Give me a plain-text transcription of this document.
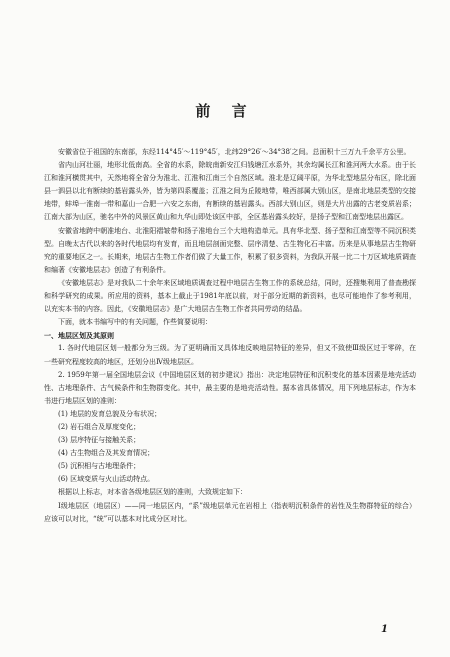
前 言

安徽省位于祖国的东南部，东经114°45′～119°45′，北纬29°26′～34°38′之间。总面积十三万九千余平方公里。

省内山河壮丽，地形北低南高。全省的水系，除皖南新安江归钱塘江水系外，其余均属长江和淮河两大水系。由于长江和淮河横贯其中，天然地将全省分为淮北、江淮和江南三个自然区域。淮北是辽阔平原，为华北型地层分布区，除北面县一泗县以北有断续的基岩露头外，皆为第四系覆盖；江淮之间为丘陵地带，唯西部属大别山区，是南北地层类型的交接地带，蚌埠一淮南一带和嘉山一合肥一六安之东南，有断续的基岩露头。西部大别山区，则是大片出露的古老变质岩系；江南大部为山区，驰名中外的风景区黄山和九华山即处该区中部，全区基岩露头较好，是扬子型和江南型地层出露区。

安徽省地跨中朝准地台、北淮阳褶皱带和扬子准地台三个大地构造单元。具有华北型、扬子型和江南型等不同沉积类型。自晚太古代以来的各时代地层均有发育，而且地层剖面完整、层序清楚、古生物化石丰富。历来是从事地层古生物研究的重要地区之一。长期来，地层古生物工作者们做了大量工作，积累了很多资料，为我队开展一比二十万区域地质调查和编著《安徽地层志》创造了有利条件。

《安徽地层志》是对我队二十余年来区域地质调查过程中地层古生物工作的系统总结，同时，还搜集利用了普查勘探和科学研究的成果。所应用的资料，基本上截止于1981年底以前，对于部分近期的新资料，也尽可能地作了参考利用，以充实本书的内容。因此，《安徽地层志》是广大地层古生物工作者共同劳动的结晶。

下面，就本书编写中的有关问题，作些简要说明：

一、地层区划及其原则

1. 各时代地层区划一般都分为三级。为了更明确而又具体地反映地层特征的差异，但又不致使Ⅲ级区过于零碎，在一些研究程度较高的地区，还划分出Ⅳ级地层区。

2. 1959年第一届全国地层会议《中国地层区划的初步建议》指出：决定地层特征和沉积变化的基本因素是地壳活动性、古地理条件、古气候条件和生物群变化。其中，最主要的是地壳活动性。据本省具体情况，用下列地层标志，作为本书进行地层区划的准则：

(1) 地层的发育总貌及分布状况；

(2) 岩石组合及厚度变化；

(3) 层序特征与接触关系；

(4) 古生物组合及其发育情况；

(5) 沉积相与古地理条件；

(6) 区域变质与火山活动特点。

根据以上标志，对本省各级地层区划的准则，大致规定如下：

Ⅰ级地层区（地层区）——同一地层区内，“系”级地层单元在岩相上（指表明沉积条件的岩性及生物群特征的综合）应该可以对比，“统”可以基本对比成分区对比。

1
